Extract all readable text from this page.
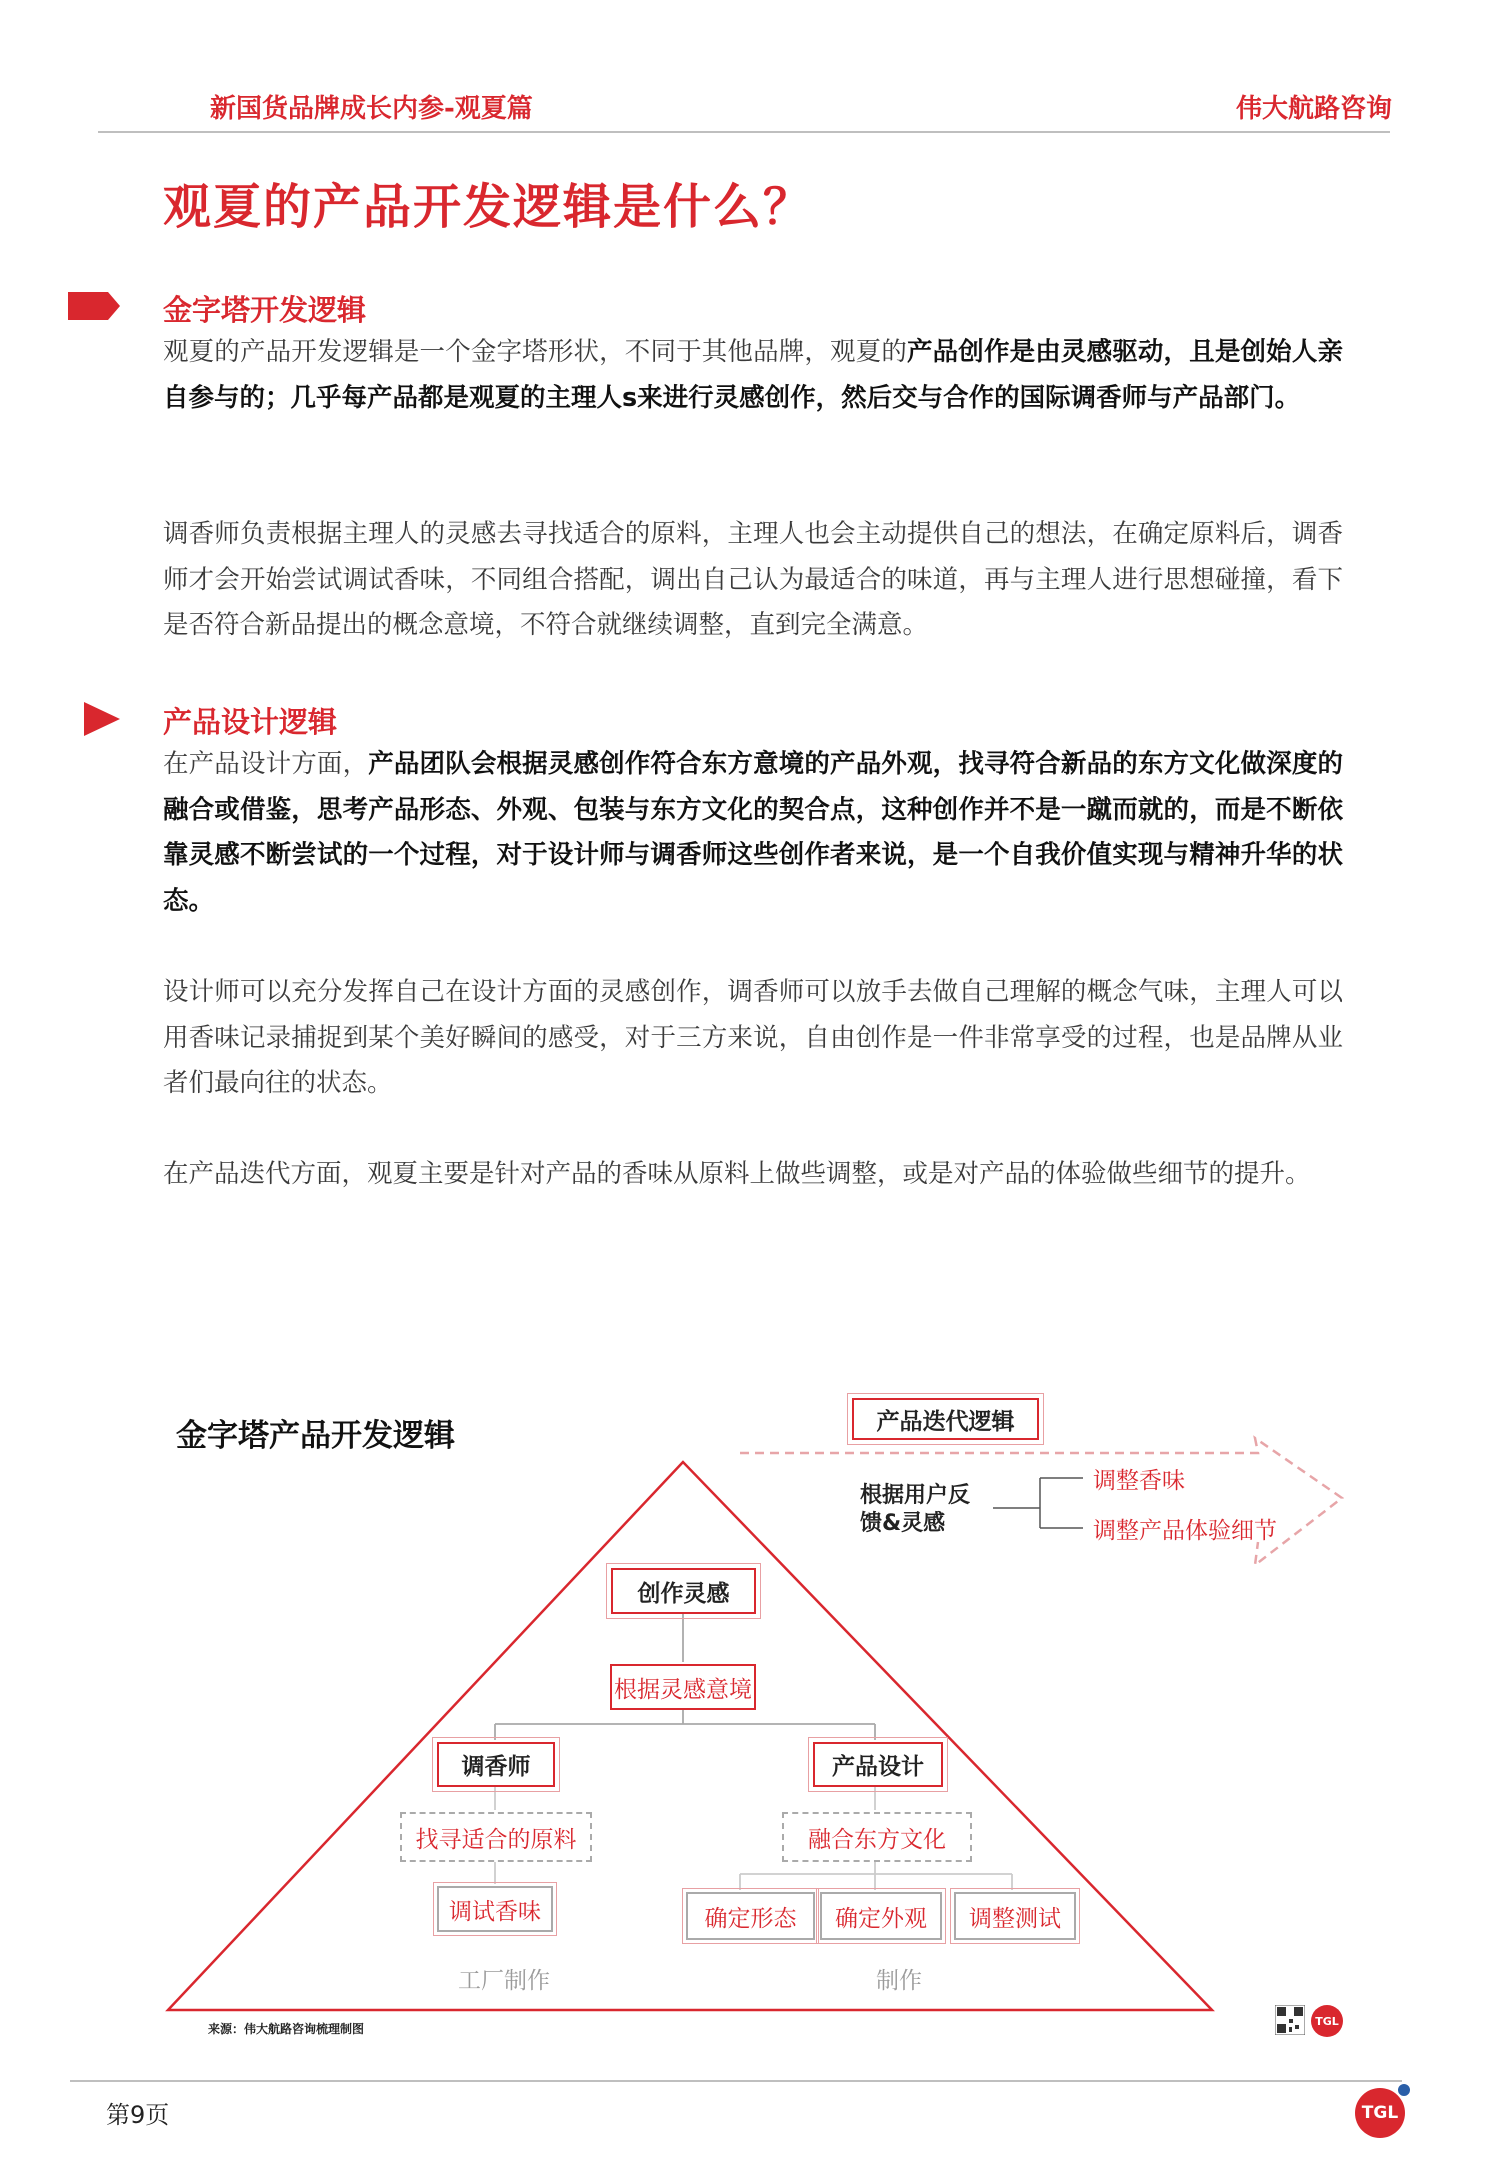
新国货品牌成长内参-观夏篇	伟大航路咨询
观夏的产品开发逻辑是什么？
金字塔开发逻辑
观夏的产品开发逻辑是一个金字塔形状，不同于其他品牌，观夏的产品创作是由灵感驱动，且是创始人亲自参与的；几乎每产品都是观夏的主理人s来进行灵感创作，然后交与合作的国际调香师与产品部门。
调香师负责根据主理人的灵感去寻找适合的原料，主理人也会主动提供自己的想法，在确定原料后，调香师才会开始尝试调试香味，不同组合搭配，调出自己认为最适合的味道，再与主理人进行思想碰撞，看下是否符合新品提出的概念意境，不符合就继续调整，直到完全满意。
产品设计逻辑
在产品设计方面，产品团队会根据灵感创作符合东方意境的产品外观，找寻符合新品的东方文化做深度的融合或借鉴，思考产品形态、外观、包装与东方文化的契合点，这种创作并不是一蹴而就的，而是不断依靠灵感不断尝试的一个过程，对于设计师与调香师这些创作者来说，是一个自我价值实现与精神升华的状态。
设计师可以充分发挥自己在设计方面的灵感创作，调香师可以放手去做自己理解的概念气味，主理人可以用香味记录捕捉到某个美好瞬间的感受，对于三方来说，自由创作是一件非常享受的过程，也是品牌从业者们最向往的状态。
在产品迭代方面，观夏主要是针对产品的香味从原料上做些调整，或是对产品的体验做些细节的提升。
金字塔产品开发逻辑	产品迭代逻辑
根据用户反馈&灵感
调整香味
调整产品体验细节
创作灵感
根据灵感意境
调香师	产品设计
找寻适合的原料
调试香味
工厂制作
融合东方文化
确定形态	确定外观	调整测试
制作
来源：伟大航路咨询梳理制图
TGL
第9页	TGL
